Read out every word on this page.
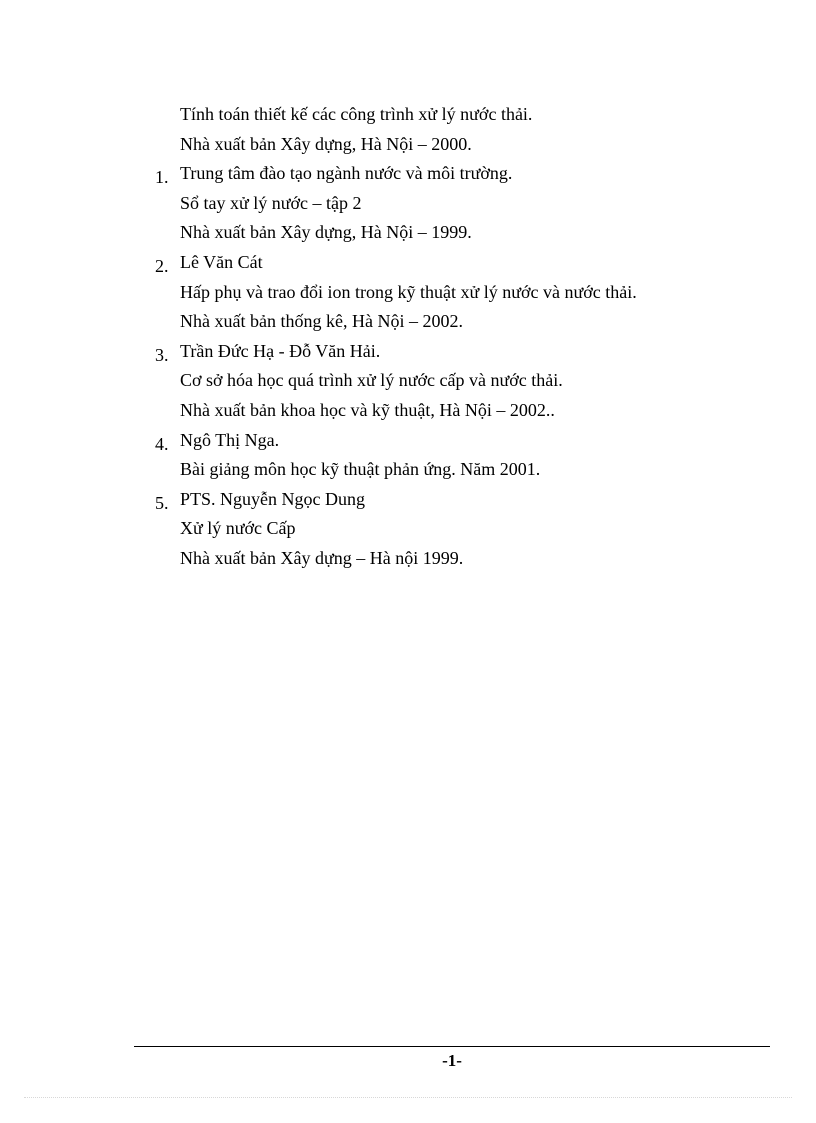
Tính toán thiết kế các công trình xử lý nước thải.
Nhà xuất bản Xây dựng, Hà Nội – 2000.
1. Trung tâm đào tạo ngành nước và môi trường.
Sổ tay xử lý nước – tập 2
Nhà xuất bản Xây dựng, Hà Nội – 1999.
2. Lê Văn Cát
Hấp phụ và trao đổi ion trong kỹ thuật xử lý nước và nước thải.
Nhà xuất bản thống kê, Hà Nội – 2002.
3. Trần Đức Hạ - Đỗ Văn Hải.
Cơ sở hóa học quá trình xử lý nước cấp và nước thải.
Nhà xuất bản khoa học và kỹ thuật, Hà Nội – 2002..
4. Ngô Thị Nga.
Bài giảng môn học kỹ thuật phản ứng. Năm 2001.
5. PTS. Nguyễn Ngọc Dung
Xử lý nước Cấp
Nhà xuất bản Xây dựng – Hà nội 1999.
-1-
